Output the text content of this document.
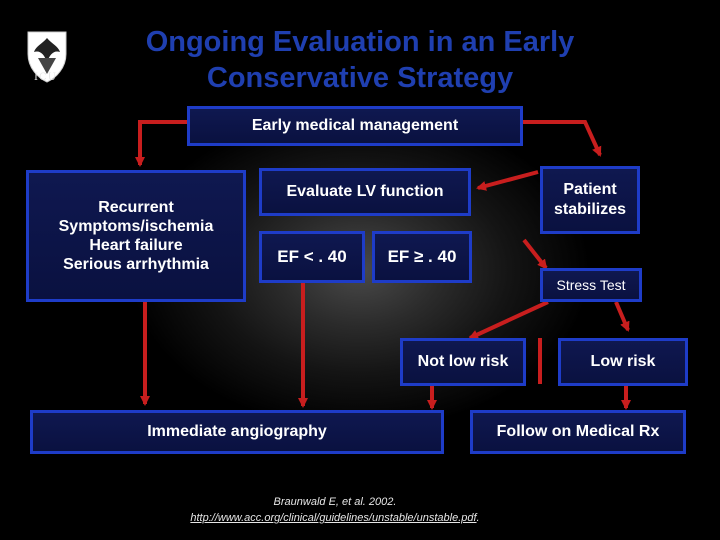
ICU
Ongoing Evaluation in an Early
Conservative Strategy
Early medical management
Recurrent
Symptoms/ischemia
Heart failure
Serious arrhythmia
Evaluate LV function
EF < . 40	EF ≥ . 40
Patient
stabilizes
Stress Test
Not low risk	Low risk
Immediate angiography	Follow on Medical Rx
Braunwald E, et al. 2002.
http://www.acc.org/clinical/guidelines/unstable/unstable.pdf.
